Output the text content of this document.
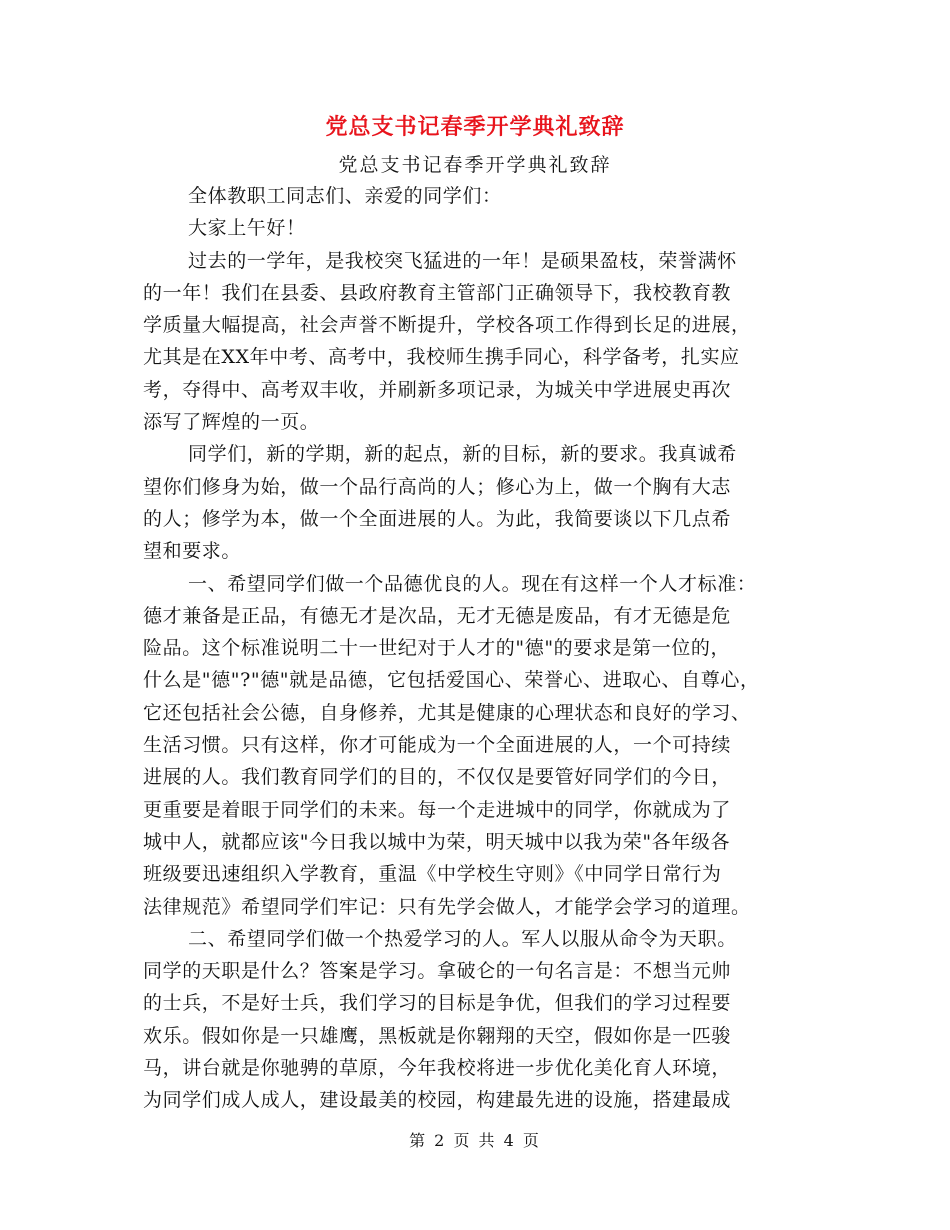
党总支书记春季开学典礼致辞
党总支书记春季开学典礼致辞
全体教职工同志们、亲爱的同学们：
大家上午好！
过去的一学年，是我校突飞猛进的一年！是硕果盈枝，荣誉满怀
的一年！我们在县委、县政府教育主管部门正确领导下，我校教育教
学质量大幅提高，社会声誉不断提升，学校各项工作得到长足的进展，
尤其是在XX年中考、高考中，我校师生携手同心，科学备考，扎实应
考，夺得中、高考双丰收，并刷新多项记录，为城关中学进展史再次
添写了辉煌的一页。
同学们，新的学期，新的起点，新的目标，新的要求。我真诚希
望你们修身为始，做一个品行高尚的人；修心为上，做一个胸有大志
的人；修学为本，做一个全面进展的人。为此，我简要谈以下几点希
望和要求。
一、希望同学们做一个品德优良的人。现在有这样一个人才标准：
德才兼备是正品，有德无才是次品，无才无德是废品，有才无德是危
险品。这个标准说明二十一世纪对于人才的"德"的要求是第一位的，
什么是"德"?"德"就是品德，它包括爱国心、荣誉心、进取心、自尊心，
它还包括社会公德，自身修养，尤其是健康的心理状态和良好的学习、
生活习惯。只有这样，你才可能成为一个全面进展的人，一个可持续
进展的人。我们教育同学们的目的，不仅仅是要管好同学们的今日，
更重要是着眼于同学们的未来。每一个走进城中的同学，你就成为了
城中人，就都应该"今日我以城中为荣，明天城中以我为荣"各年级各
班级要迅速组织入学教育，重温《中学校生守则》《中同学日常行为
法律规范》希望同学们牢记：只有先学会做人，才能学会学习的道理。
二、希望同学们做一个热爱学习的人。军人以服从命令为天职。
同学的天职是什么？答案是学习。拿破仑的一句名言是：不想当元帅
的士兵，不是好士兵，我们学习的目标是争优，但我们的学习过程要
欢乐。假如你是一只雄鹰，黑板就是你翱翔的天空，假如你是一匹骏
马，讲台就是你驰骋的草原，今年我校将进一步优化美化育人环境，
为同学们成人成人，建设最美的校园，构建最先进的设施，搭建最成
第 2 页 共 4 页
